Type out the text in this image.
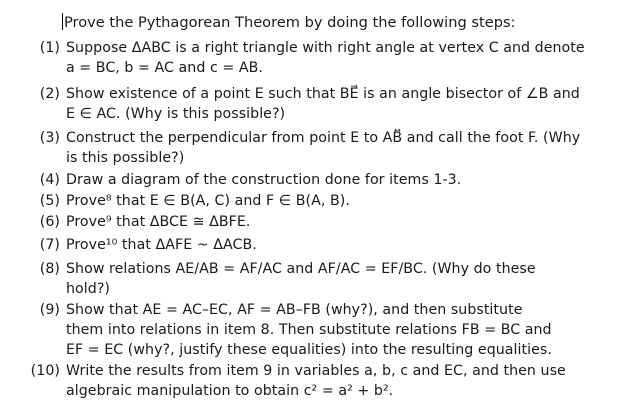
Prove the Pythagorean Theorem by doing the following steps:
(1) Suppose ΔABC is a right triangle with right angle at vertex C and denote
a = BC, b = AC and c = AB.
(2) Show existence of a point E such that BE⃗ is an angle bisector of ∠B and
E ∈ AC. (Why is this possible?)
(3) Construct the perpendicular from point E to AB⃡ and call the foot F. (Why
is this possible?)
(4) Draw a diagram of the construction done for items 1-3.
(5) Prove⁸ that E ∈ B(A, C) and F ∈ B(A, B).
(6) Prove⁹ that ΔBCE ≅ ΔBFE.
(7) Prove¹⁰ that ΔAFE ~ ΔACB.
(8) Show relations AE/AB = AF/AC and AF/AC = EF/BC. (Why do these
hold?)
(9) Show that AE = AC–EC, AF = AB–FB (why?), and then substitute
them into relations in item 8. Then substitute relations FB = BC and
EF = EC (why?, justify these equalities) into the resulting equalities.
(10) Write the results from item 9 in variables a, b, c and EC, and then use
algebraic manipulation to obtain c² = a² + b².
